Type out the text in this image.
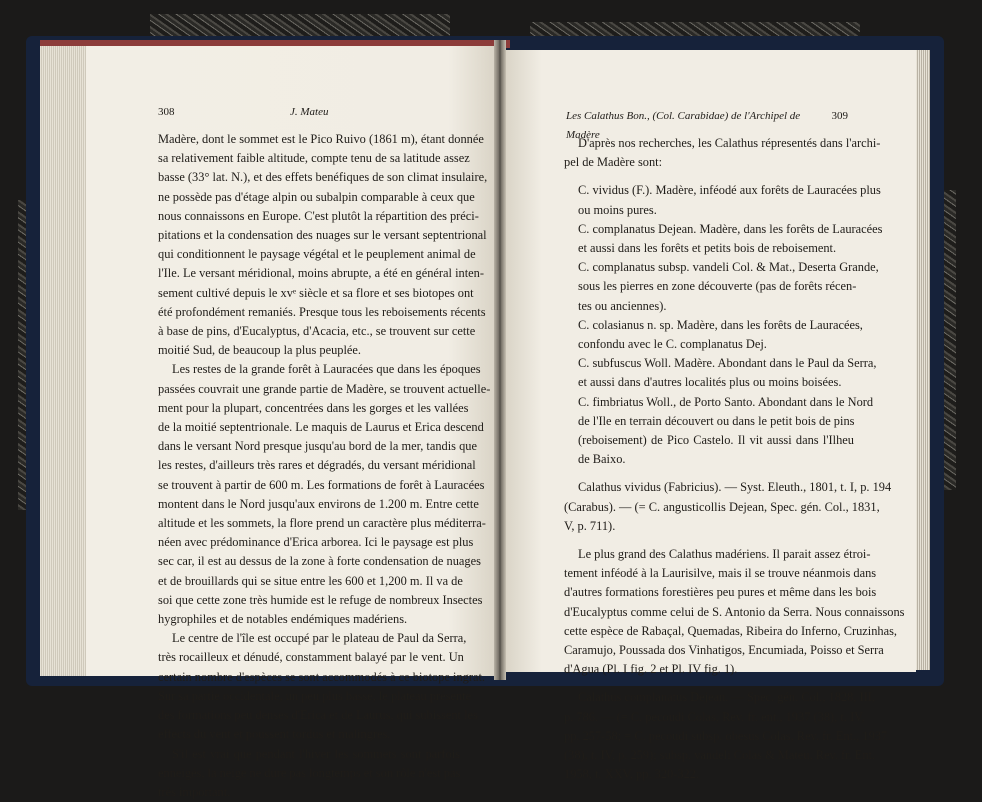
308	J. Mateu
Madère, dont le sommet est le Pico Ruivo (1861 m), étant donnée
sa relativement faible altitude, compte tenu de sa latitude assez
basse (33° lat. N.), et des effets benéfiques de son climat insulaire,
ne possède pas d'étage alpin ou subalpin comparable à ceux que
nous connaissons en Europe. C'est plutôt la répartition des préci-
pitations et la condensation des nuages sur le versant septentrional
qui conditionnent le paysage végétal et le peuplement animal de
l'Ile. Le versant méridional, moins abrupte, a été en général inten-
sement cultivé depuis le xvᵉ siècle et sa flore et ses biotopes ont
été profondément remaniés. Presque tous les reboisements récents
à base de pins, d'Eucalyptus, d'Acacia, etc., se trouvent sur cette
moitié Sud, de beaucoup la plus peuplée.
Les restes de la grande forêt à Lauracées que dans les époques
passées couvrait une grande partie de Madère, se trouvent actuelle-
ment pour la plupart, concentrées dans les gorges et les vallées
de la moitié septentrionale. Le maquis de Laurus et Erica descend
dans le versant Nord presque jusqu'au bord de la mer, tandis que
les restes, d'ailleurs très rares et dégradés, du versant méridional
se trouvent à partir de 600 m. Les formations de forêt à Lauracées
montent dans le Nord jusqu'aux environs de 1.200 m. Entre cette
altitude et les sommets, la flore prend un caractère plus méditerra-
néen avec prédominance d'Erica arborea. Ici le paysage est plus
sec car, il est au dessus de la zone à forte condensation de nuages
et de brouillards qui se situe entre les 600 et 1,200 m. Il va de
soi que cette zone très humide est le refuge de nombreux Insectes
hygrophiles et de notables endémiques madériens.
Le centre de l'île est occupé par le plateau de Paul da Serra,
très rocailleux et dénudé, constamment balayé par le vent. Un
certain nombre d'espèces se sont accommodés à ce biotope ingrat.
Sur sa partie occidentale, un peu plus basse, le plateau présente
des formations peu denses d'Erica et de Laurus, qui subissent les
effects du vent et poussent tordus et malingres.
S'il est vrai que pendant l'hiver les sommets sont parfois
enneigés, la neige ne dure pas longtemps et son rôle n'est pas
très important.
Les Calathus Bon., (Col. Carabidae) de l'Archipel de Madère
309
D'après nos recherches, les Calathus répresentés dans l'archi-
pel de Madère sont:
C. vividus (F.). Madère, inféodé aux forêts de Lauracées plus
ou moins pures.
C. complanatus Dejean. Madère, dans les forêts de Lauracées
et aussi dans les forêts et petits bois de reboisement.
C. complanatus subsp. vandeli Col. & Mat., Deserta Grande,
sous les pierres en zone découverte (pas de forêts récen-
tes ou anciennes).
C. colasianus n. sp. Madère, dans les forêts de Lauracées,
confondu avec le C. complanatus Dej.
C. subfuscus Woll. Madère. Abondant dans le Paul da Serra,
et aussi dans d'autres localités plus ou moins boisées.
C. fimbriatus Woll., de Porto Santo. Abondant dans le Nord
de l'Ile en terrain découvert ou dans le petit bois de pins
(reboisement) de Pico Castelo. Il vit aussi dans l'Ilheu
de Baixo.
Calathus vividus (Fabricius). — Syst. Eleuth., 1801, t. I, p. 194
(Carabus). — (= C. angusticollis Dejean, Spec. gén. Col., 1831,
V, p. 711).
Le plus grand des Calathus madériens. Il parait assez étroi-
tement inféodé à la Laurisilve, mais il se trouve néanmois dans
d'autres formations forestières peu pures et même dans les bois
d'Eucalyptus comme celui de S. Antonio da Serra. Nous connaissons
cette espèce de Rabaçal, Quemadas, Ribeira do Inferno, Cruzinhas,
Caramujo, Poussada dos Vinhatigos, Encumiada, Poisso et Serra
d'Agua (Pl. I fig. 2 et Pl. IV fig. 1).
Calathus complanatus Dejean. — Spec. gén. Col., 1828, III,
p. 786. — (= C. pecoudi Colas, Rev. fr. ent., 1937 (38), t. IV,
pp. 257-58; = C. pecoudi subsp. obesus Colas, Rev. fr. Ent., 1937
(38), t. IV, p. 259); subsp. vandeli Colas & Mateu, Rev. fr. Ent.
1958, t. XXV, pp. 320-322.
